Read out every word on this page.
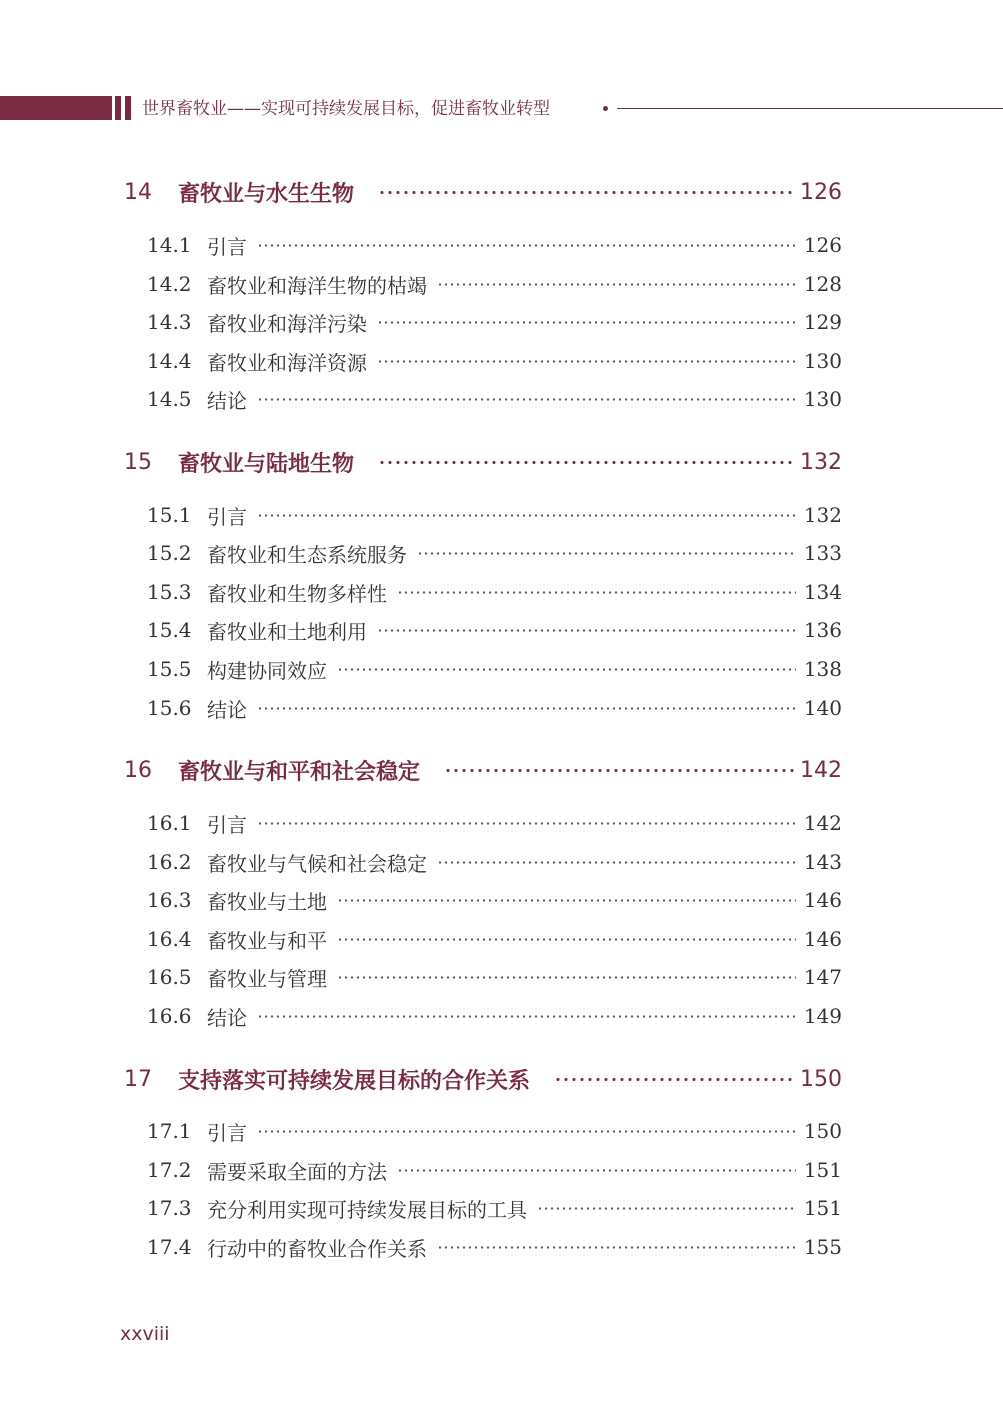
世界畜牧业——实现可持续发展目标，促进畜牧业转型
14	畜牧业与水生生物	126
14.1 引言	126
14.2 畜牧业和海洋生物的枯竭	128
14.3 畜牧业和海洋污染	129
14.4 畜牧业和海洋资源	130
14.5 结论	130
15	畜牧业与陆地生物	132
15.1 引言	132
15.2 畜牧业和生态系统服务	133
15.3 畜牧业和生物多样性	134
15.4 畜牧业和土地利用	136
15.5 构建协同效应	138
15.6 结论	140
16	畜牧业与和平和社会稳定	142
16.1 引言	142
16.2 畜牧业与气候和社会稳定	143
16.3 畜牧业与土地	146
16.4 畜牧业与和平	146
16.5 畜牧业与管理	147
16.6 结论	149
17	支持落实可持续发展目标的合作关系	150
17.1 引言	150
17.2 需要采取全面的方法	151
17.3 充分利用实现可持续发展目标的工具	151
17.4 行动中的畜牧业合作关系	155
xxviii
